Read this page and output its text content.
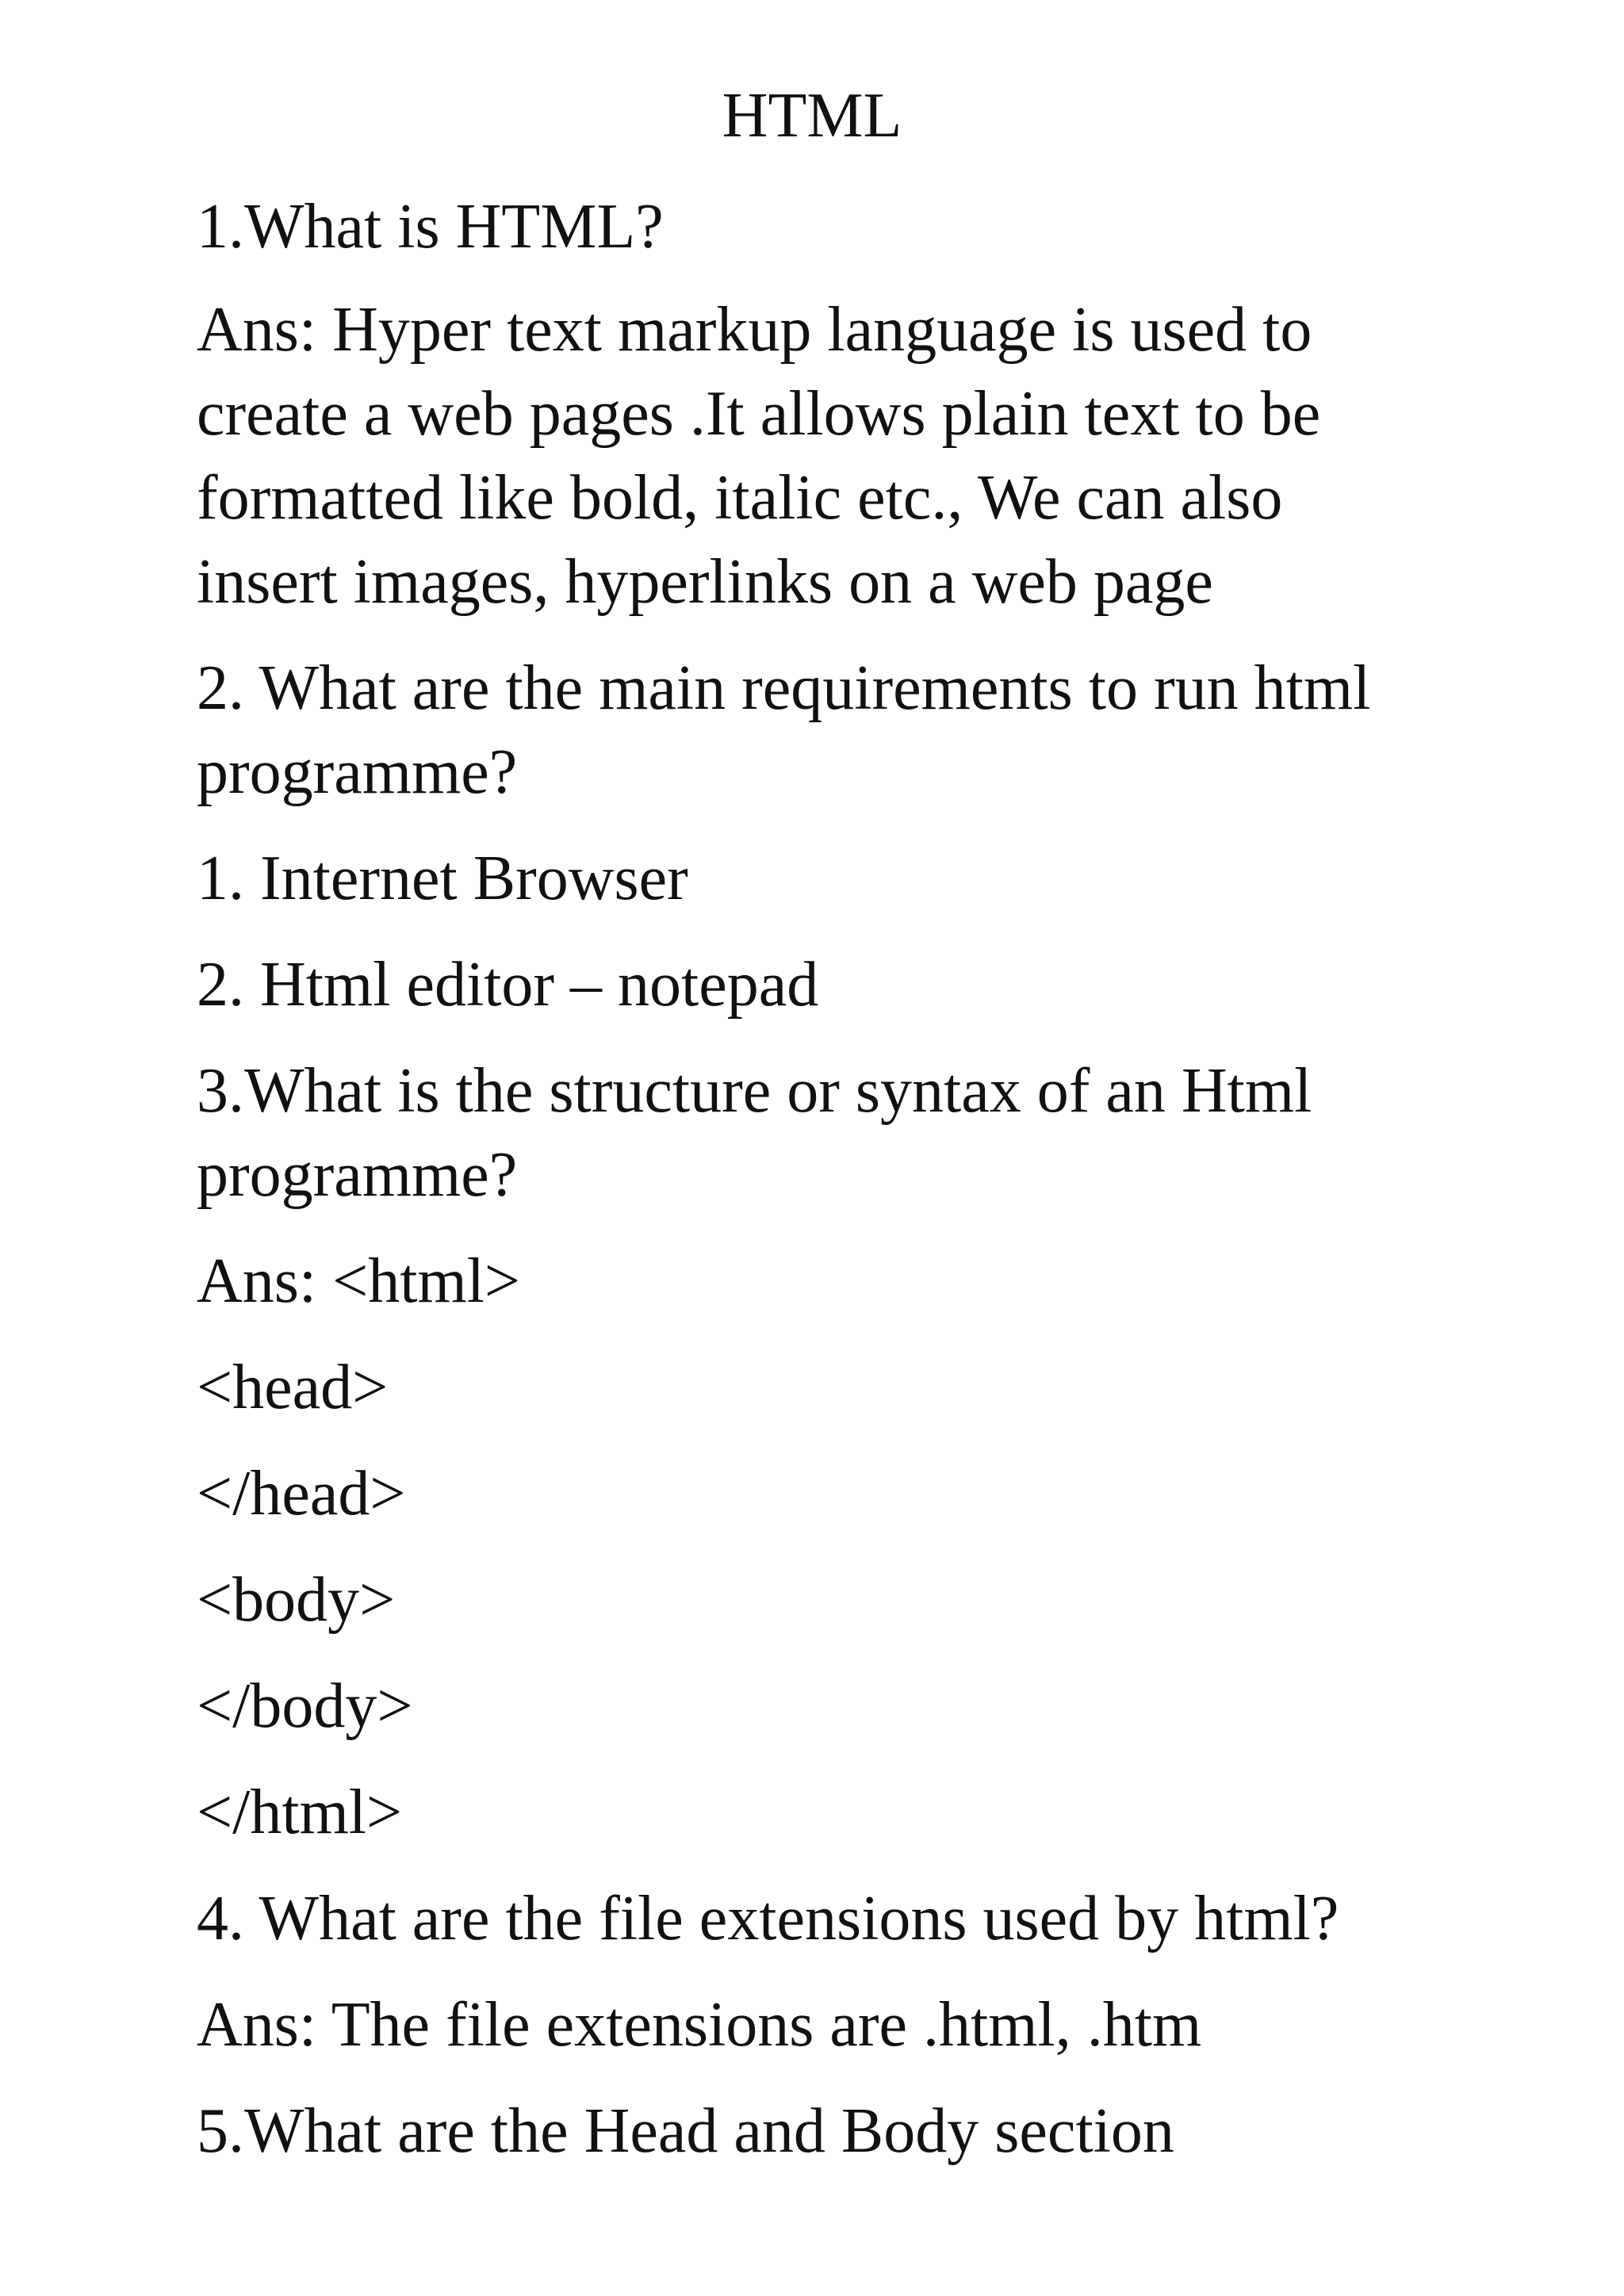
HTML
1.What is HTML?
Ans: Hyper text markup language is used to
create a web pages .It allows plain text to be
formatted like bold, italic etc., We can also
insert images, hyperlinks on a web page
2. What are the main requirements to run html
programme?
1. Internet Browser
2. Html editor – notepad
3.What is the structure or syntax of an Html
programme?
Ans: <html>
<head>
</head>
<body>
</body>
</html>
4. What are the file extensions used by html?
Ans: The file extensions are .html, .htm
5.What are the Head and Body section
